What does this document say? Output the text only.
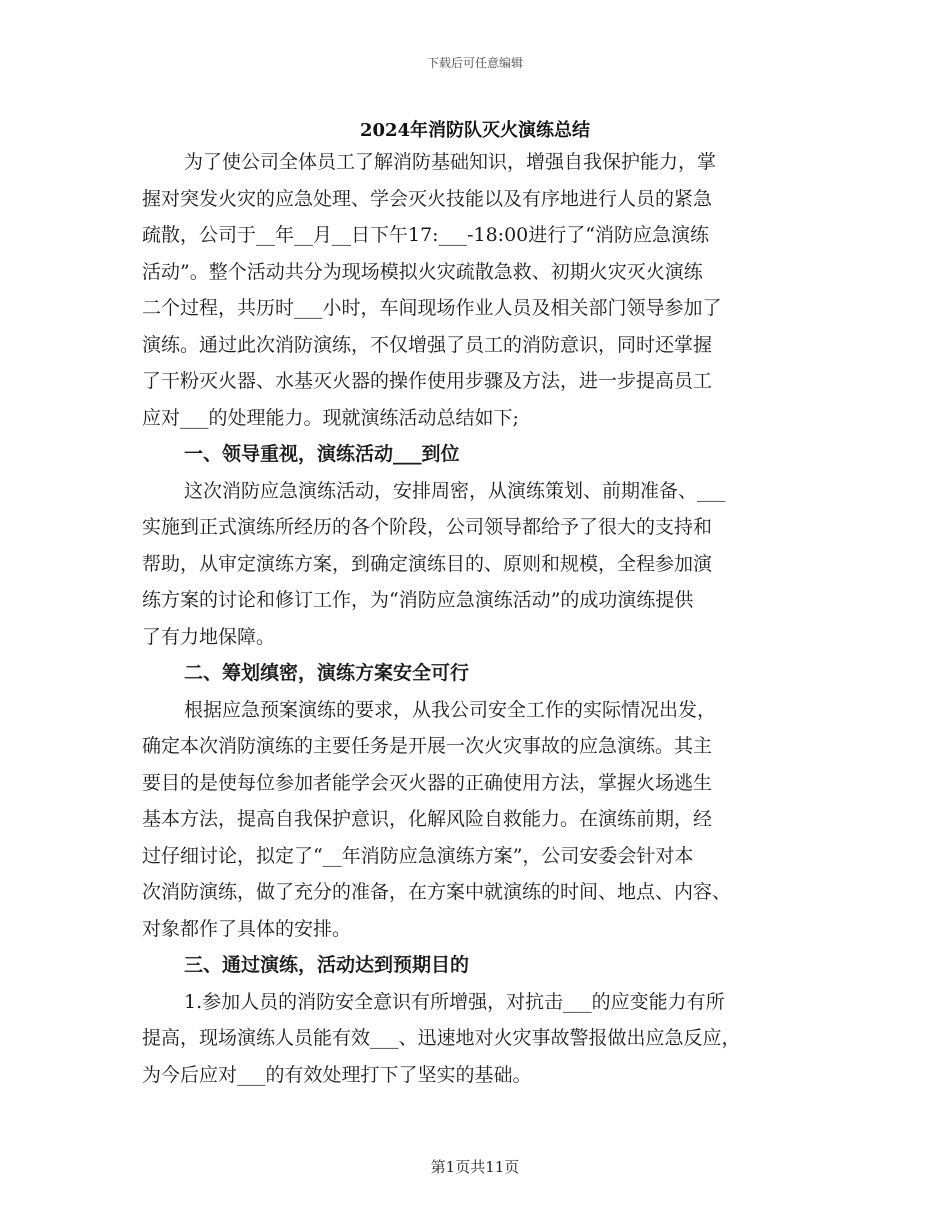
下载后可任意编辑
2024年消防队灭火演练总结
为了使公司全体员工了解消防基础知识，增强自我保护能力，掌
握对突发火灾的应急处理、学会灭火技能以及有序地进行人员的紧急
疏散，公司于__年__月__日下午17:___-18:00进行了“消防应急演练
活动”。整个活动共分为现场模拟火灾疏散急救、初期火灾灭火演练
二个过程，共历时___小时，车间现场作业人员及相关部门领导参加了
演练。通过此次消防演练，不仅增强了员工的消防意识，同时还掌握
了干粉灭火器、水基灭火器的操作使用步骤及方法，进一步提高员工
应对___的处理能力。现就演练活动总结如下;
一、领导重视，演练活动___到位
这次消防应急演练活动，安排周密，从演练策划、前期准备、___
实施到正式演练所经历的各个阶段，公司领导都给予了很大的支持和
帮助，从审定演练方案，到确定演练目的、原则和规模，全程参加演
练方案的讨论和修订工作，为“消防应急演练活动”的成功演练提供
了有力地保障。
二、筹划缜密，演练方案安全可行
根据应急预案演练的要求，从我公司安全工作的实际情况出发，
确定本次消防演练的主要任务是开展一次火灾事故的应急演练。其主
要目的是使每位参加者能学会灭火器的正确使用方法，掌握火场逃生
基本方法，提高自我保护意识，化解风险自救能力。在演练前期，经
过仔细讨论，拟定了“__年消防应急演练方案”，公司安委会针对本
次消防演练，做了充分的准备，在方案中就演练的时间、地点、内容、
对象都作了具体的安排。
三、通过演练，活动达到预期目的
1.参加人员的消防安全意识有所增强，对抗击___的应变能力有所
提高，现场演练人员能有效___、迅速地对火灾事故警报做出应急反应，
为今后应对___的有效处理打下了坚实的基础。
第1页共11页
